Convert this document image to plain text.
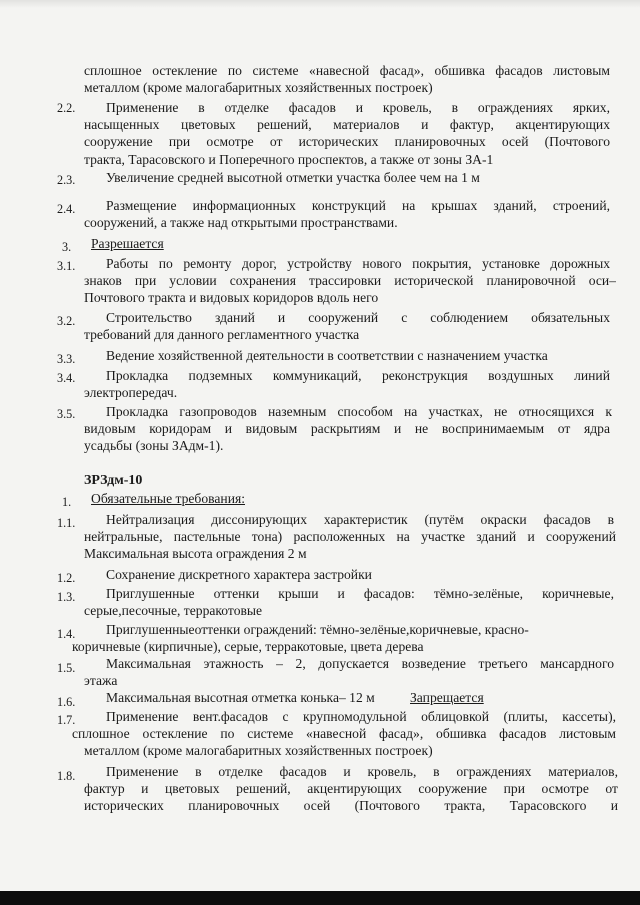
сплошное остекление по системе «навесной фасад», обшивка фасадов листовым
металлом (кроме малогабаритных хозяйственных построек)
2.2. Применение в отделке фасадов и кровель, в ограждениях ярких,
насыщенных цветовых решений, материалов и фактур, акцентирующих
сооружение при осмотре от исторических планировочных осей (Почтового
тракта, Тарасовского и Поперечного проспектов, а также от зоны ЗА-1
2.3. Увеличение средней высотной отметки участка более чем на 1 м
2.4. Размещение информационных конструкций на крышах зданий, строений,
сооружений, а также над открытыми пространствами.
3. Разрешается
3.1. Работы по ремонту дорог, устройству нового покрытия, установке дорожных
знаков при условии сохранения трассировки исторической планировочной оси–
Почтового тракта и видовых коридоров вдоль него
3.2. Строительство зданий и сооружений с соблюдением обязательных
требований для данного регламентного участка
3.3. Ведение хозяйственной деятельности в соответствии с назначением участка
3.4. Прокладка подземных коммуникаций, реконструкция воздушных линий
электропередач.
3.5. Прокладка газопроводов наземным способом на участках, не относящихся к
видовым коридорам и видовым раскрытиям и не воспринимаемым от ядра
усадьбы (зоны ЗАдм-1).
ЗРЗдм-10
1. Обязательные требования:
1.1. Нейтрализация диссонирующих характеристик (путём окраски фасадов в
нейтральные, пастельные тона) расположенных на участке зданий и сооружений
Максимальная высота ограждения 2 м
1.2. Сохранение дискретного характера застройки
1.3. Приглушенные оттенки крыши и фасадов: тёмно-зелёные, коричневые,
серые,песочные, терракотовые
1.4. Приглушенныеоттенки ограждений: тёмно-зелёные,коричневые, красно-
коричневые (кирпичные), серые, терракотовые, цвета дерева
1.5. Максимальная этажность – 2, допускается возведение третьего мансардного
этажа
1.6. Максимальная высотная отметка конька– 12 м	Запрещается
1.7. Применение вент.фасадов с крупномодульной облицовкой (плиты, кассеты),
сплошное остекление по системе «навесной фасад», обшивка фасадов листовым
металлом (кроме малогабаритных хозяйственных построек)
1.8. Применение в отделке фасадов и кровель, в ограждениях материалов,
фактур и цветовых решений, акцентирующих сооружение при осмотре от
исторических планировочных осей (Почтового тракта, Тарасовского и
